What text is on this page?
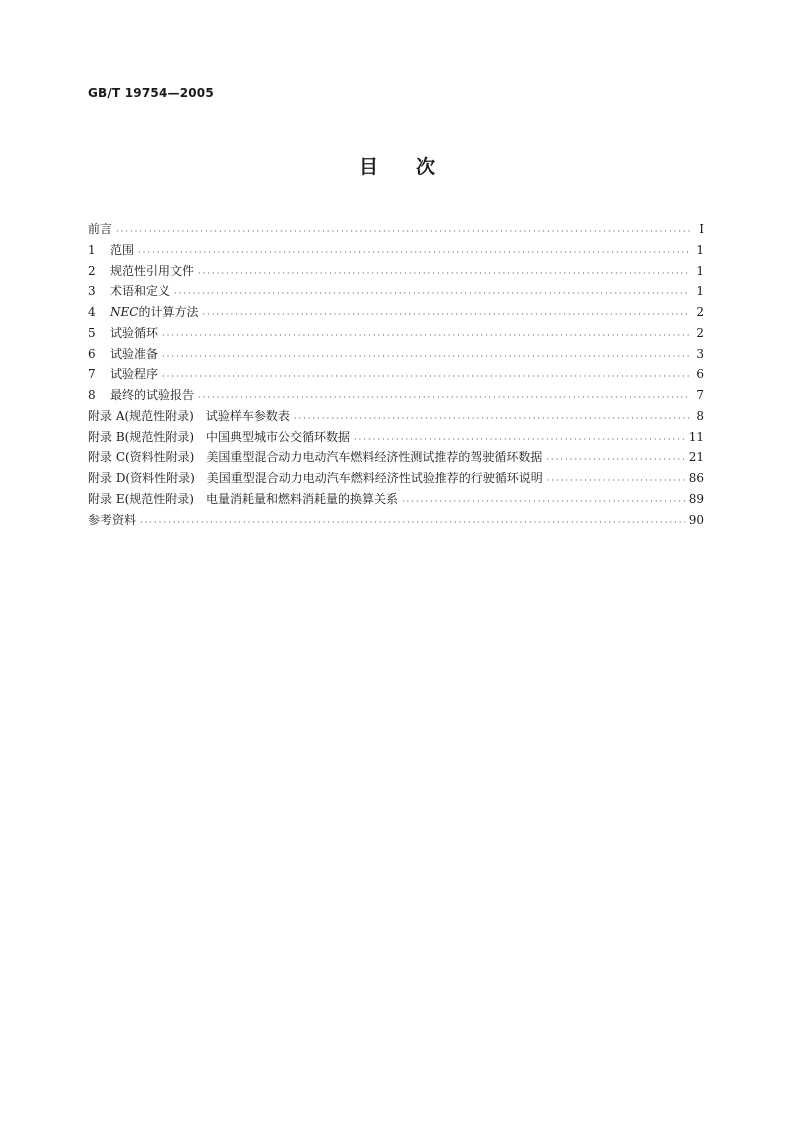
GB/T 19754—2005
目次
前言 · · ·	I
1 范围 · · ·	1
2 规范性引用文件 · · ·	1
3 术语和定义 · · ·	1
4 NEC的计算方法 · · ·	2
5 试验循环 · · ·	2
6 试验准备 · · ·	3
7 试验程序 · · ·	6
8 最终的试验报告 · · ·	7
附录 A(规范性附录)　试验样车参数表 · · ·	8
附录 B(规范性附录)　中国典型城市公交循环数据 · · ·	11
附录 C(资料性附录)　美国重型混合动力电动汽车燃料经济性测试推荐的驾驶循环数据 · · ·	21
附录 D(资料性附录)　美国重型混合动力电动汽车燃料经济性试验推荐的行驶循环说明 · · ·	86
附录 E(规范性附录)　电量消耗量和燃料消耗量的换算关系 · · ·	89
参考资料 · · ·	90
